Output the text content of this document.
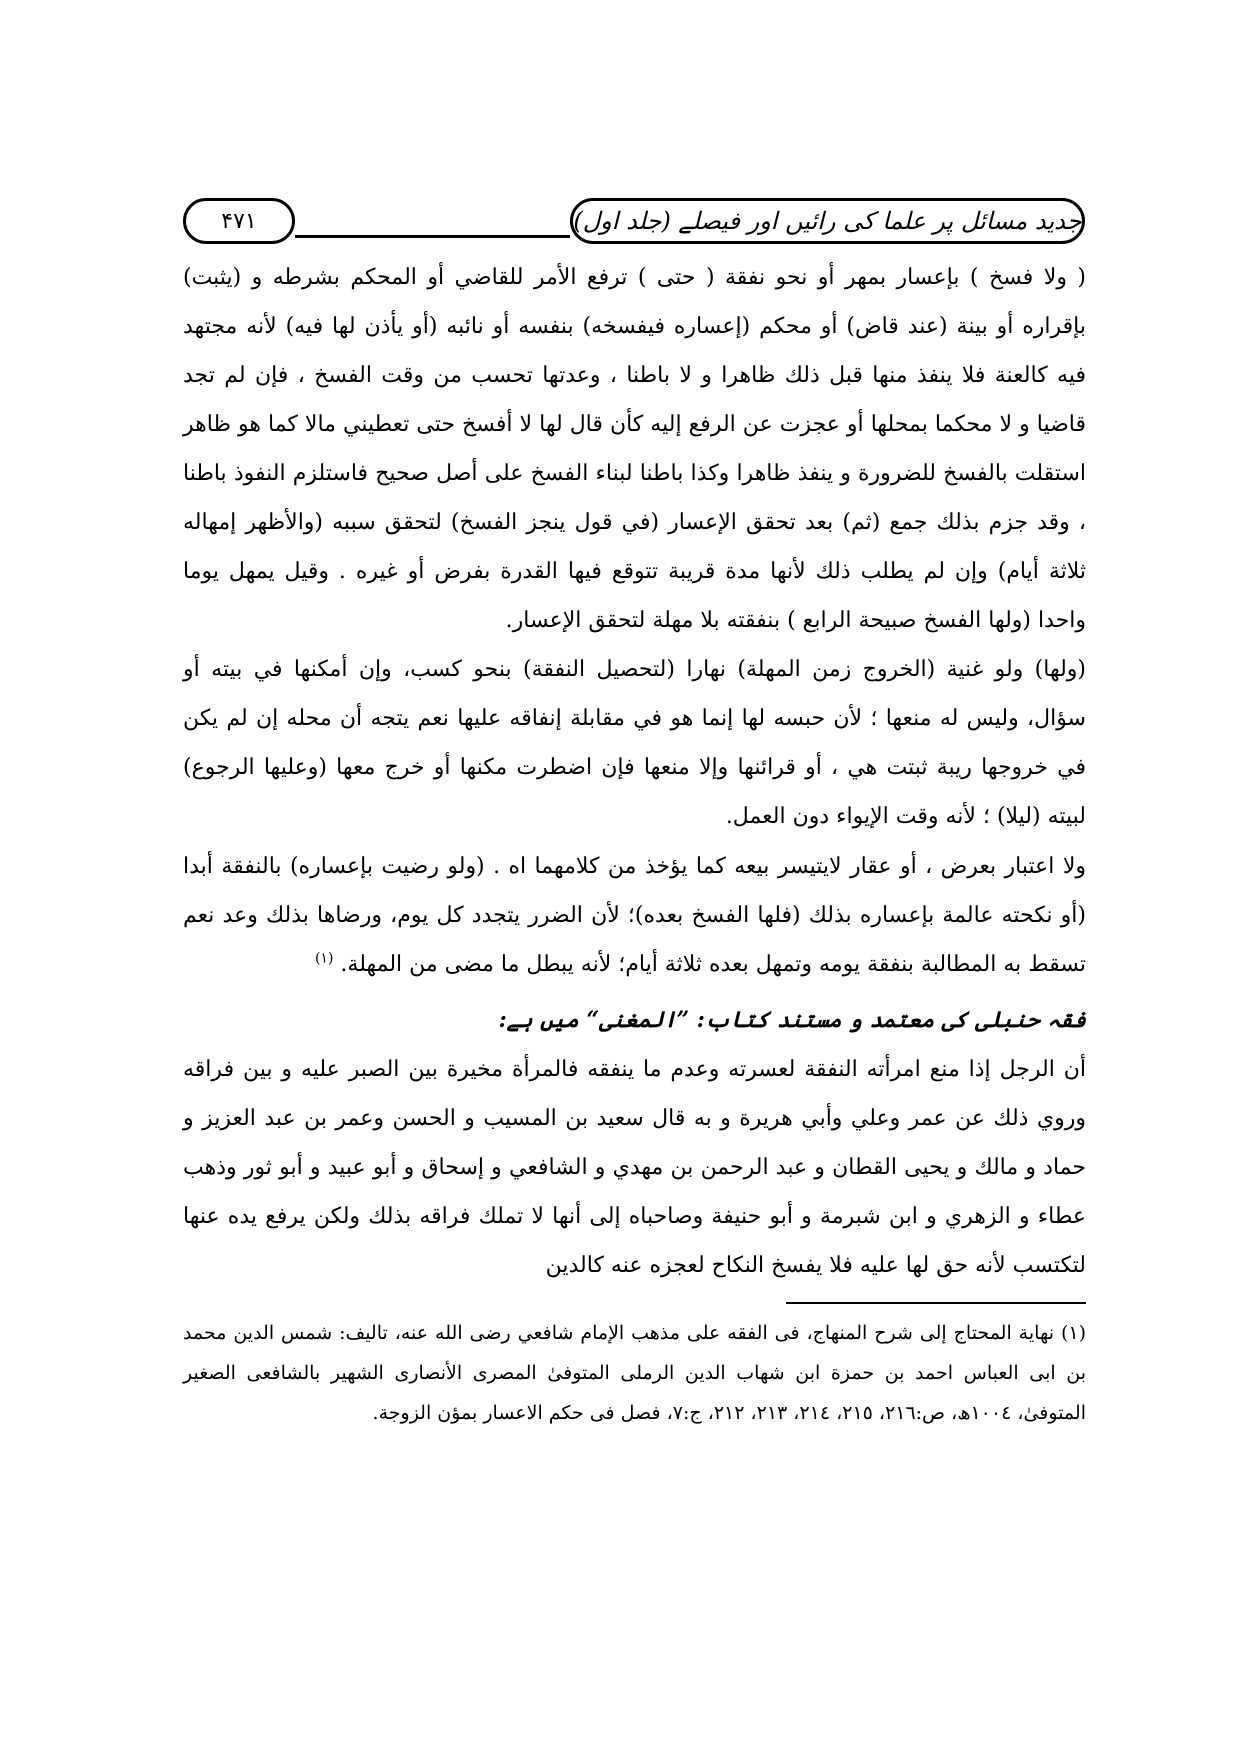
جدید مسائل پر علما کی رائیں اور فیصلے (جلد اول)
۴۷۱

( ولا فسخ ) بإعسار بمهر أو نحو نفقة ( حتى ) ترفع الأمر للقاضي أو المحكم بشرطه و (يثبت) بإقراره أو بينة (عند قاض) أو محكم (إعساره فيفسخه) بنفسه أو نائبه (أو يأذن لها فيه) لأنه مجتهد فيه كالعنة فلا ينفذ منها قبل ذلك ظاهرا و لا باطنا ، وعدتها تحسب من وقت الفسخ ، فإن لم تجد قاضيا و لا محكما بمحلها أو عجزت عن الرفع إليه كأن قال لها لا أفسخ حتى تعطيني مالا كما هو ظاهر استقلت بالفسخ للضرورة و ينفذ ظاهرا وكذا باطنا لبناء الفسخ على أصل صحيح فاستلزم النفوذ باطنا ، وقد جزم بذلك جمع (ثم) بعد تحقق الإعسار (في قول ينجز الفسخ) لتحقق سببه (والأظهر إمهاله ثلاثة أيام) وإن لم يطلب ذلك لأنها مدة قريبة تتوقع فيها القدرة بفرض أو غيره . وقيل يمهل يوما واحدا (ولها الفسخ صبيحة الرابع ) بنفقته بلا مهلة لتحقق الإعسار.

(ولها) ولو غنية (الخروج زمن المهلة) نهارا (لتحصيل النفقة) بنحو كسب، وإن أمكنها في بيته أو سؤال، وليس له منعها ؛ لأن حبسه لها إنما هو في مقابلة إنفاقه عليها نعم يتجه أن محله إن لم يكن في خروجها ريبة ثبتت هي ، أو قرائنها وإلا منعها فإن اضطرت مكنها أو خرج معها (وعليها الرجوع) لبيته (ليلا) ؛ لأنه وقت الإيواء دون العمل.

ولا اعتبار بعرض ، أو عقار لايتيسر بيعه كما يؤخذ من كلامهما اه . (ولو رضيت بإعساره) بالنفقة أبدا (أو نكحته عالمة بإعساره بذلك (فلها الفسخ بعده)؛ لأن الضرر يتجدد كل يوم، ورضاها بذلك وعد نعم تسقط به المطالبة بنفقة يومه وتمهل بعده ثلاثة أيام؛ لأنه يبطل ما مضى من المهلة. $^{(۱)}$

فقہ حنبلی کی معتمد و مستند کتاب: ”المغنی“ میں ہے:

أن الرجل إذا منع امرأته النفقة لعسرته وعدم ما ينفقه فالمرأة مخيرة بين الصبر عليه و بين فراقه وروي ذلك عن عمر وعلي وأبي هريرة و به قال سعيد بن المسيب و الحسن وعمر بن عبد العزيز و حماد و مالك و يحيى القطان و عبد الرحمن بن مهدي و الشافعي و إسحاق و أبو عبيد و أبو ثور وذهب عطاء و الزهري و ابن شبرمة و أبو حنيفة وصاحباه إلى أنها لا تملك فراقه بذلك ولكن يرفع يده عنها لتكتسب لأنه حق لها عليه فلا يفسخ النكاح لعجزه عنه كالدين

(۱) نهاية المحتاج إلى شرح المنهاج، فى الفقه على مذهب الإمام شافعي رضى الله عنه، تاليف: شمس الدين محمد بن ابى العباس احمد بن حمزة ابن شهاب الدين الرملى المتوفىٰ المصرى الأنصارى الشهير بالشافعى الصغير المتوفىٰ، ١٠٠٤ھ، ص:٢١٦، ٢١٥، ٢١٤، ٢١٣، ٢١٢، ج:٧، فصل فى حكم الاعسار بمؤن الزوجة.
